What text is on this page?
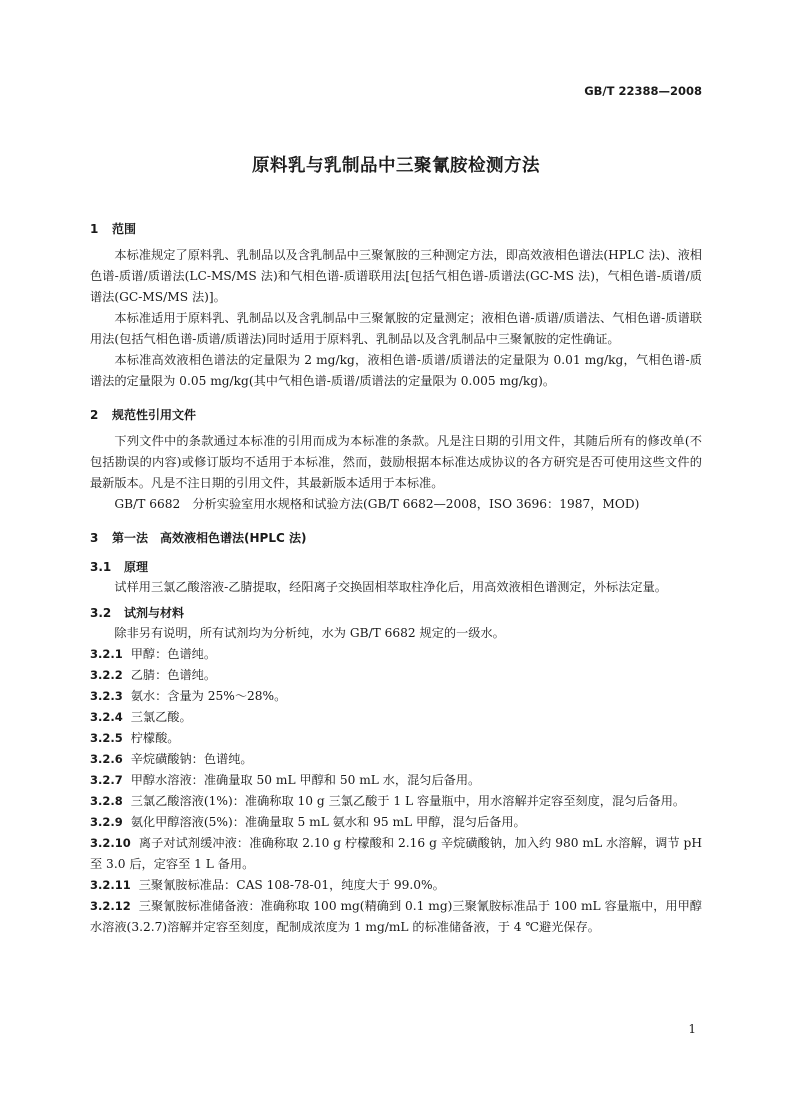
GB/T 22388—2008
原料乳与乳制品中三聚氰胺检测方法
1 范围

本标准规定了原料乳、乳制品以及含乳制品中三聚氰胺的三种测定方法，即高效液相色谱法(HPLC 法)、液相色谱-质谱/质谱法(LC-MS/MS 法)和气相色谱-质谱联用法[包括气相色谱-质谱法(GC-MS 法)，气相色谱-质谱/质谱法(GC-MS/MS 法)]。

本标准适用于原料乳、乳制品以及含乳制品中三聚氰胺的定量测定；液相色谱-质谱/质谱法、气相色谱-质谱联用法(包括气相色谱-质谱/质谱法)同时适用于原料乳、乳制品以及含乳制品中三聚氰胺的定性确证。

本标准高效液相色谱法的定量限为 2 mg/kg，液相色谱-质谱/质谱法的定量限为 0.01 mg/kg，气相色谱-质谱法的定量限为 0.05 mg/kg(其中气相色谱-质谱/质谱法的定量限为 0.005 mg/kg)。

2 规范性引用文件

下列文件中的条款通过本标准的引用而成为本标准的条款。凡是注日期的引用文件，其随后所有的修改单(不包括勘误的内容)或修订版均不适用于本标准，然而，鼓励根据本标准达成协议的各方研究是否可使用这些文件的最新版本。凡是不注日期的引用文件，其最新版本适用于本标准。

GB/T 6682　分析实验室用水规格和试验方法(GB/T 6682—2008，ISO 3696：1987，MOD)

3 第一法　高效液相色谱法(HPLC 法)
3.1 原理

试样用三氯乙酸溶液-乙腈提取，经阳离子交换固相萃取柱净化后，用高效液相色谱测定，外标法定量。

3.2 试剂与材料

除非另有说明，所有试剂均为分析纯，水为 GB/T 6682 规定的一级水。

3.2.1 甲醇：色谱纯。

3.2.2 乙腈：色谱纯。

3.2.3 氨水：含量为 25%～28%。

3.2.4 三氯乙酸。

3.2.5 柠檬酸。

3.2.6 辛烷磺酸钠：色谱纯。

3.2.7 甲醇水溶液：准确量取 50 mL 甲醇和 50 mL 水，混匀后备用。

3.2.8 三氯乙酸溶液(1%)：准确称取 10 g 三氯乙酸于 1 L 容量瓶中，用水溶解并定容至刻度，混匀后备用。

3.2.9 氨化甲醇溶液(5%)：准确量取 5 mL 氨水和 95 mL 甲醇，混匀后备用。

3.2.10 离子对试剂缓冲液：准确称取 2.10 g 柠檬酸和 2.16 g 辛烷磺酸钠，加入约 980 mL 水溶解，调节 pH 至 3.0 后，定容至 1 L 备用。

3.2.11 三聚氰胺标准品：CAS 108-78-01，纯度大于 99.0%。

3.2.12 三聚氰胺标准储备液：准确称取 100 mg(精确到 0.1 mg)三聚氰胺标准品于 100 mL 容量瓶中，用甲醇水溶液(3.2.7)溶解并定容至刻度，配制成浓度为 1 mg/mL 的标准储备液，于 4 ℃避光保存。

1
